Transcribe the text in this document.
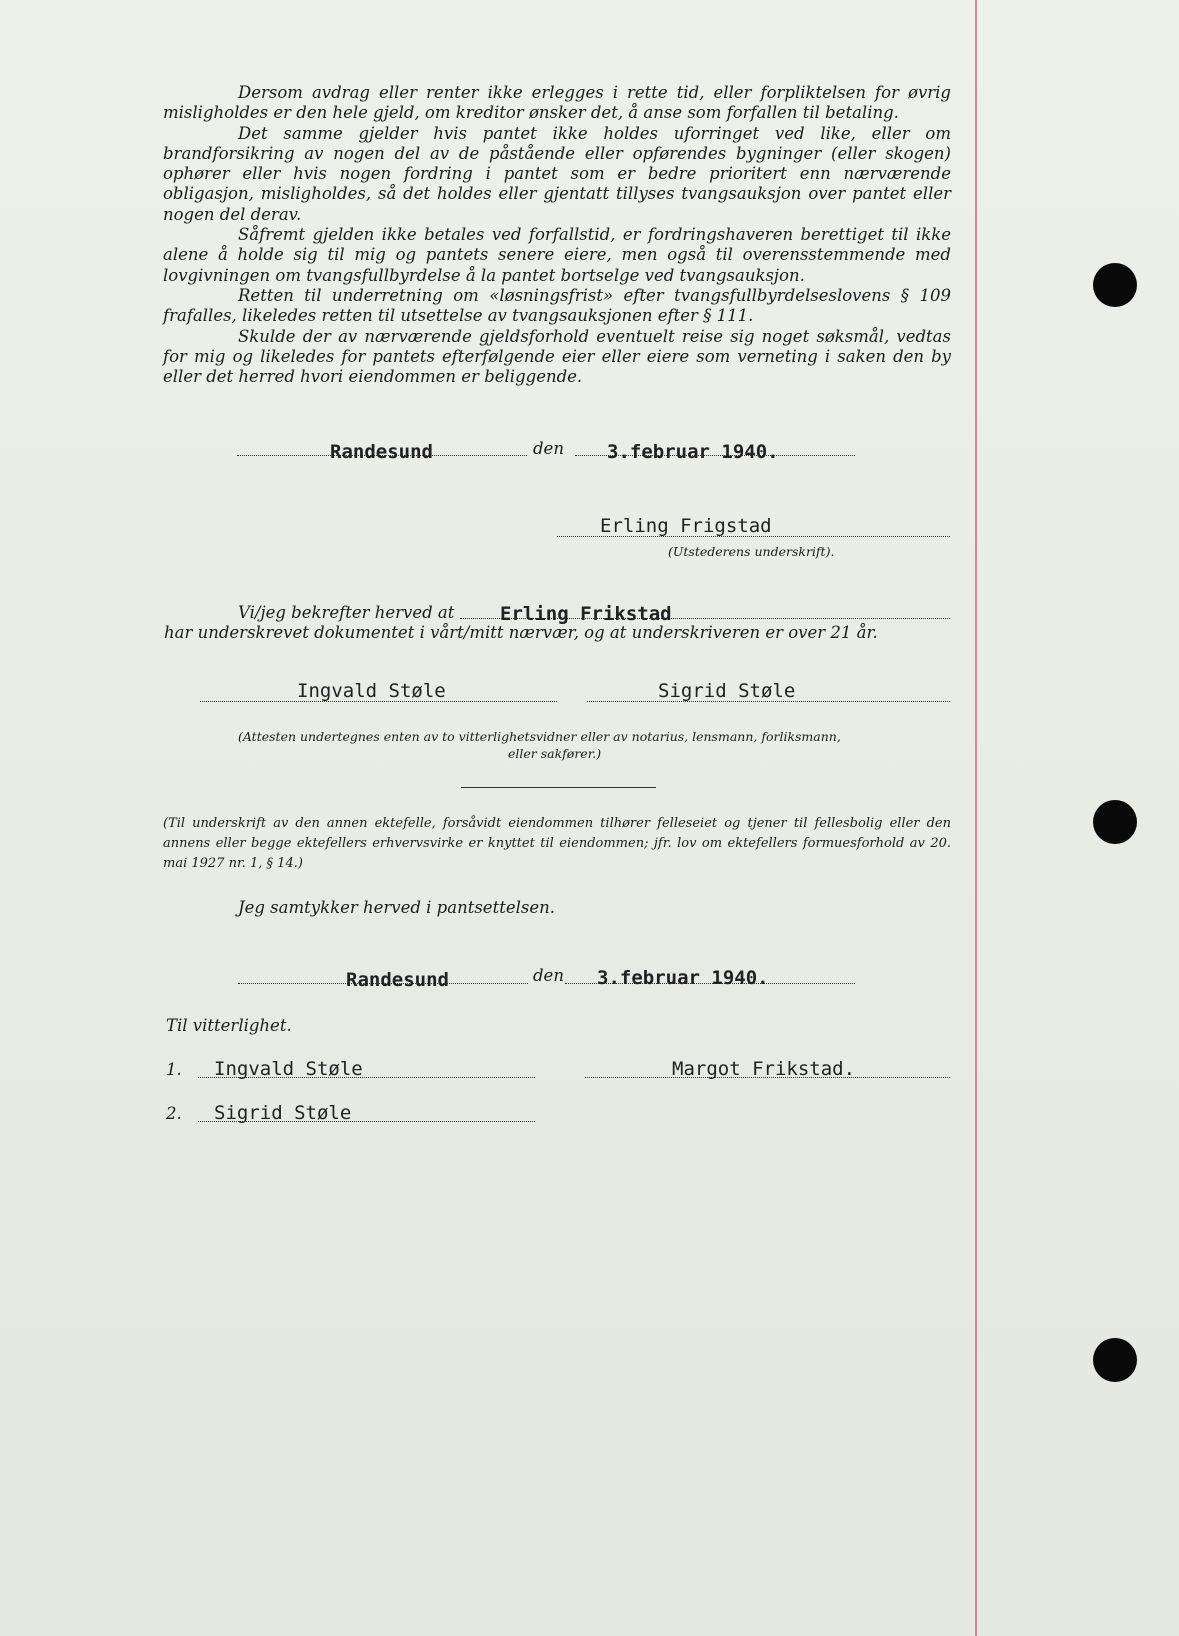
Dersom avdrag eller renter ikke erlegges i rette tid, eller forpliktelsen for øvrig misligholdes er den hele gjeld, om kreditor ønsker det, å anse som forfallen til betaling.

Det samme gjelder hvis pantet ikke holdes uforringet ved like, eller om brandforsikring av nogen del av de påstående eller opførendes bygninger (eller skogen) ophører eller hvis nogen fordring i pantet som er bedre prioritert enn nærværende obligasjon, misligholdes, så det holdes eller gjentatt tillyses tvangsauksjon over pantet eller nogen del derav.

Såfremt gjelden ikke betales ved forfallstid, er fordringshaveren berettiget til ikke alene å holde sig til mig og pantets senere eiere, men også til overensstemmende med lovgivningen om tvangsfullbyrdelse å la pantet bortselge ved tvangsauksjon.

Retten til underretning om «løsningsfrist» efter tvangsfullbyrdelseslovens § 109 frafalles, likeledes retten til utsettelse av tvangsauksjonen efter § 111.

Skulde der av nærværende gjeldsforhold eventuelt reise sig noget søksmål, vedtas for mig og likeledes for pantets efterfølgende eier eller eiere som verneting i saken den by eller det herred hvori eiendommen er beliggende.

Randesund	den 3.februar 1940.
Erling Frigstad
(Utstederens underskrift).
Vi/jeg bekrefter herved at Erling Frikstad
har underskrevet dokumentet i vårt/mitt nærvær, og at underskriveren er over 21 år.
Ingvald Støle	Sigrid Støle
(Attesten undertegnes enten av to vitterlighetsvidner eller av notarius, lensmann, forliksmann,
eller sakfører.)

(Til underskrift av den annen ektefelle, forsåvidt eiendommen tilhører felleseiet og tjener til fellesbolig eller den annens eller begge ektefellers erhvervsvirke er knyttet til eiendommen; jfr. lov om ektefellers formuesforhold av 20. mai 1927 nr. 1, § 14.)

Jeg samtykker herved i pantsettelsen.
Randesund	den 3.februar 1940.
Til vitterlighet.
1. Ingvald Støle	Margot Frikstad.
2. Sigrid Støle
